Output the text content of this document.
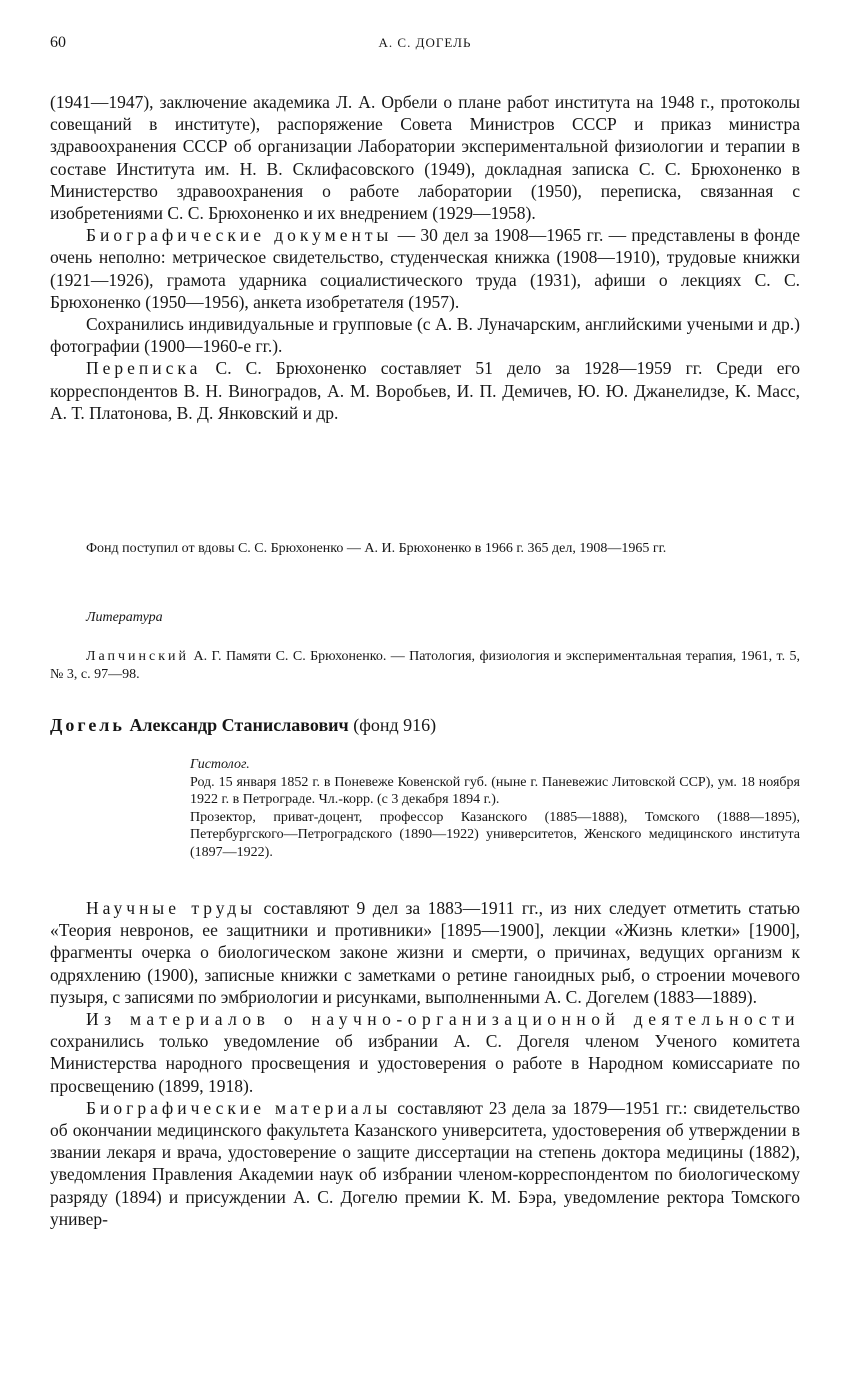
60	А. С. ДОГЕЛЬ

(1941—1947), заключение академика Л. А. Орбели о плане работ института на 1948 г., протоколы совещаний в институте), распоряжение Совета Министров СССР и приказ министра здравоохранения СССР об организации Лаборатории экспериментальной физиологии и терапии в составе Института им. Н. В. Склифасовского (1949), докладная записка С. С. Брюхоненко в Министерство здравоохранения о работе лаборатории (1950), переписка, связанная с изобретениями С. С. Брюхоненко и их внедрением (1929—1958).

Биографические документы — 30 дел за 1908—1965 гг. — представлены в фонде очень неполно: метрическое свидетельство, студенческая книжка (1908—1910), трудовые книжки (1921—1926), грамота ударника социалистического труда (1931), афиши о лекциях С. С. Брюхоненко (1950—1956), анкета изобретателя (1957).

Сохранились индивидуальные и групповые (с А. В. Луначарским, английскими учеными и др.) фотографии (1900—1960-е гг.).

Переписка С. С. Брюхоненко составляет 51 дело за 1928—1959 гг. Среди его корреспондентов В. Н. Виноградов, А. М. Воробьев, И. П. Демичев, Ю. Ю. Джанелидзе, К. Масс, А. Т. Платонова, В. Д. Янковский и др.

Фонд поступил от вдовы С. С. Брюхоненко — А. И. Брюхоненко в 1966 г. 365 дел, 1908—1965 гг.

Литература

Лапчинский А. Г. Памяти С. С. Брюхоненко. — Патология, физиология и экспериментальная терапия, 1961, т. 5, № 3, с. 97—98.

Догель Александр Станиславович (фонд 916)

Гистолог.

Род. 15 января 1852 г. в Поневеже Ковенской губ. (ныне г. Паневежис Литовской ССР), ум. 18 ноября 1922 г. в Петрограде. Чл.-корр. (с 3 декабря 1894 г.).

Прозектор, приват-доцент, профессор Казанского (1885—1888), Томского (1888—1895), Петербургского—Петроградского (1890—1922) университетов, Женского медицинского института (1897—1922).

Научные труды составляют 9 дел за 1883—1911 гг., из них следует отметить статью «Теория невронов, ее защитники и противники» [1895—1900], лекции «Жизнь клетки» [1900], фрагменты очерка о биологическом законе жизни и смерти, о причинах, ведущих организм к одряхлению (1900), записные книжки с заметками о ретине ганоидных рыб, о строении мочевого пузыря, с записями по эмбриологии и рисунками, выполненными А. С. Догелем (1883—1889).

Из материалов о научно-организационной деятельности сохранились только уведомление об избрании А. С. Догеля членом Ученого комитета Министерства народного просвещения и удостоверения о работе в Народном комиссариате по просвещению (1899, 1918).

Биографические материалы составляют 23 дела за 1879—1951 гг.: свидетельство об окончании медицинского факультета Казанского университета, удостоверения об утверждении в звании лекаря и врача, удостоверение о защите диссертации на степень доктора медицины (1882), уведомления Правления Академии наук об избрании членом-корреспондентом по биологическому разряду (1894) и присуждении А. С. Догелю премии К. М. Бэра, уведомление ректора Томского универ-
